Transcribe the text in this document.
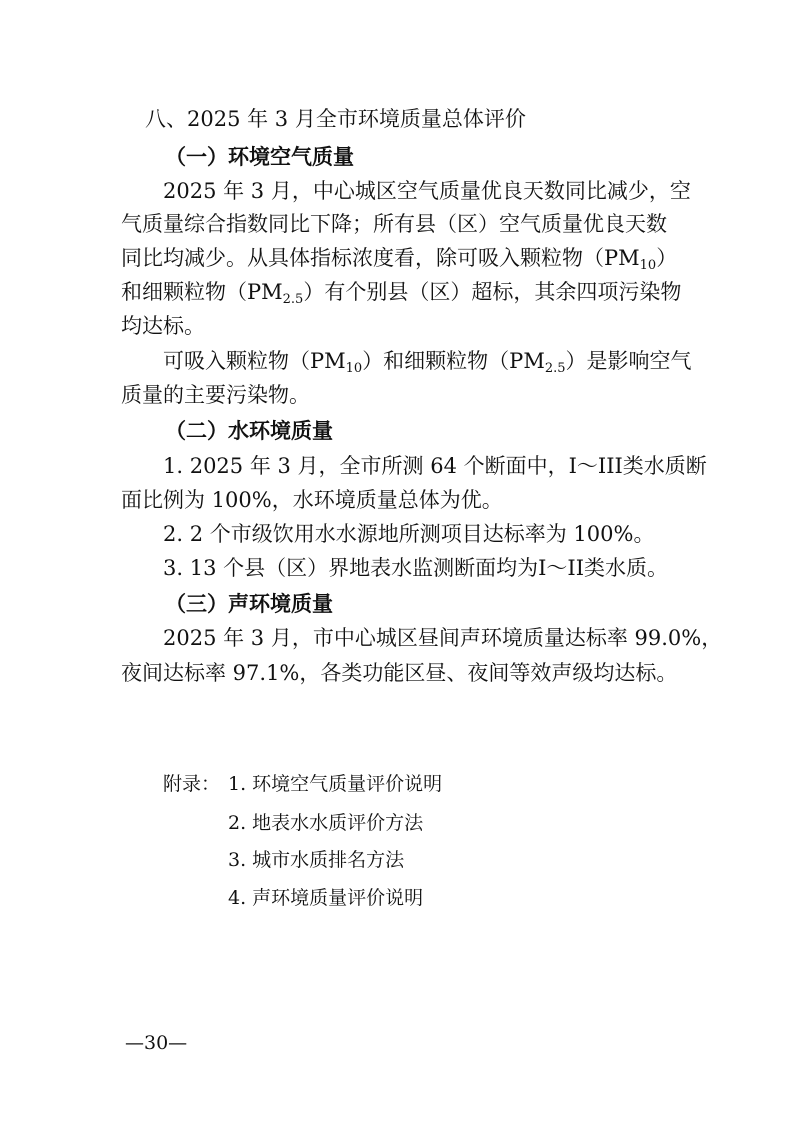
八、2025 年 3 月全市环境质量总体评价
（一）环境空气质量
2025 年 3 月，中心城区空气质量优良天数同比减少，空
气质量综合指数同比下降；所有县（区）空气质量优良天数
同比均减少。从具体指标浓度看，除可吸入颗粒物$(PM_{10})$
和细颗粒物$(PM_{2.5})$有个别县（区）超标，其余四项污染物
均达标。
可吸入颗粒物$(PM_{10})$和细颗粒物$(PM_{2.5})$是影响空气
质量的主要污染物。
（二）水环境质量
1. 2025 年 3 月，全市所测 64 个断面中，I～III类水质断
面比例为 100%，水环境质量总体为优。
2. 2 个市级饮用水水源地所测项目达标率为 100%。
3. 13 个县（区）界地表水监测断面均为I～II类水质。
（三）声环境质量
2025 年 3 月，市中心城区昼间声环境质量达标率 99.0%，
夜间达标率 97.1%，各类功能区昼、夜间等效声级均达标。
附录： 1. 环境空气质量评价说明
2. 地表水水质评价方法
3. 城市水质排名方法
4. 声环境质量评价说明
—30—
